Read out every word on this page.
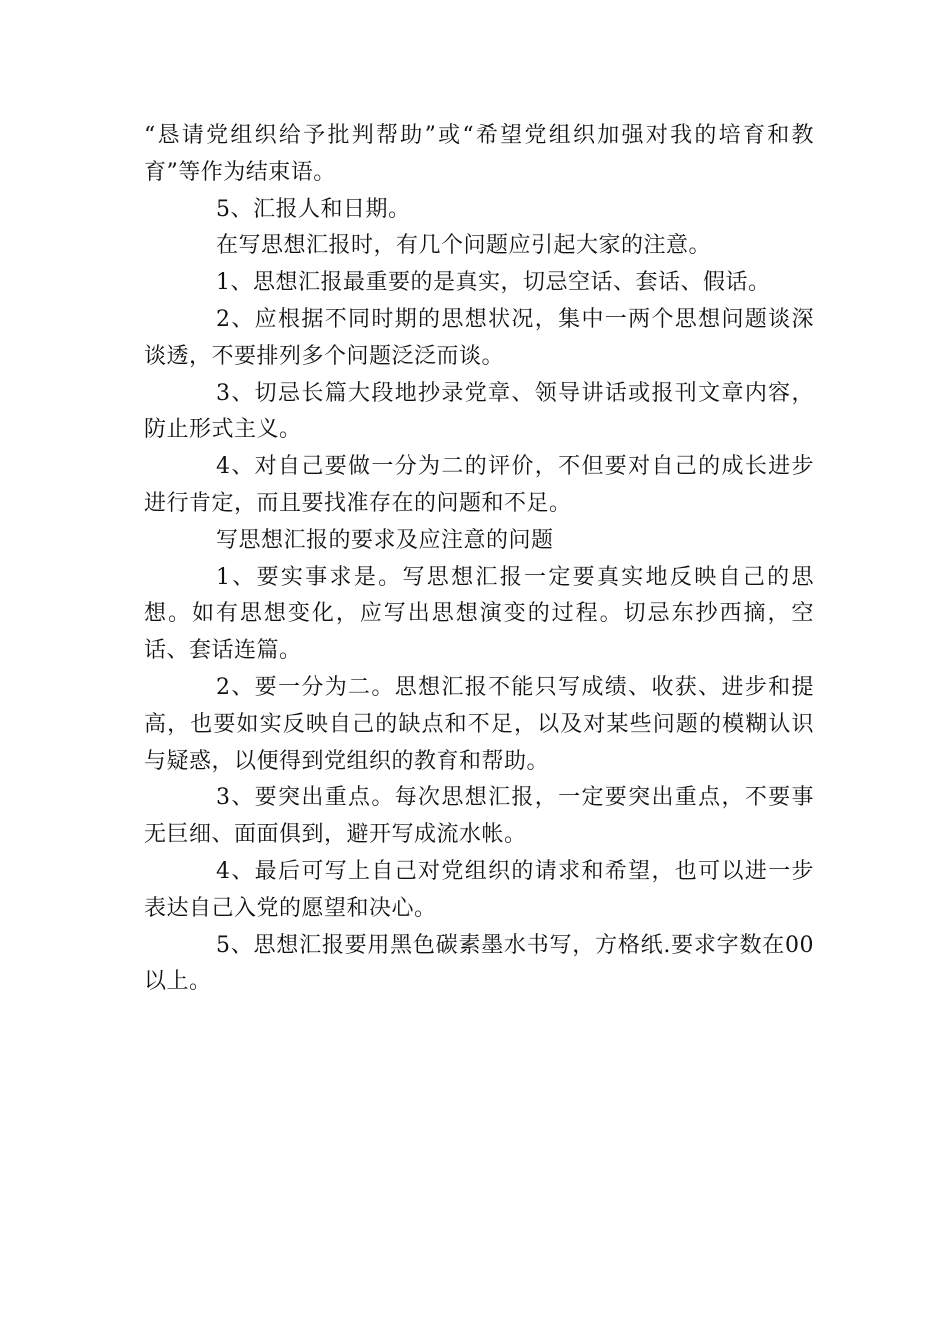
“恳请党组织给予批判帮助”或“希望党组织加强对我的培育和教育”等作为结束语。

5、汇报人和日期。

在写思想汇报时，有几个问题应引起大家的注意。

1、思想汇报最重要的是真实，切忌空话、套话、假话。

2、应根据不同时期的思想状况，集中一两个思想问题谈深谈透，不要排列多个问题泛泛而谈。

3、切忌长篇大段地抄录党章、领导讲话或报刊文章内容，防止形式主义。

4、对自己要做一分为二的评价，不但要对自己的成长进步进行肯定，而且要找准存在的问题和不足。

写思想汇报的要求及应注意的问题

1、要实事求是。写思想汇报一定要真实地反映自己的思想。如有思想变化，应写出思想演变的过程。切忌东抄西摘，空话、套话连篇。

2、要一分为二。思想汇报不能只写成绩、收获、进步和提高，也要如实反映自己的缺点和不足，以及对某些问题的模糊认识与疑惑，以便得到党组织的教育和帮助。

3、要突出重点。每次思想汇报，一定要突出重点，不要事无巨细、面面俱到，避开写成流水帐。

4、最后可写上自己对党组织的请求和希望，也可以进一步表达自己入党的愿望和决心。

5、思想汇报要用黑色碳素墨水书写，方格纸.要求字数在00以上。
